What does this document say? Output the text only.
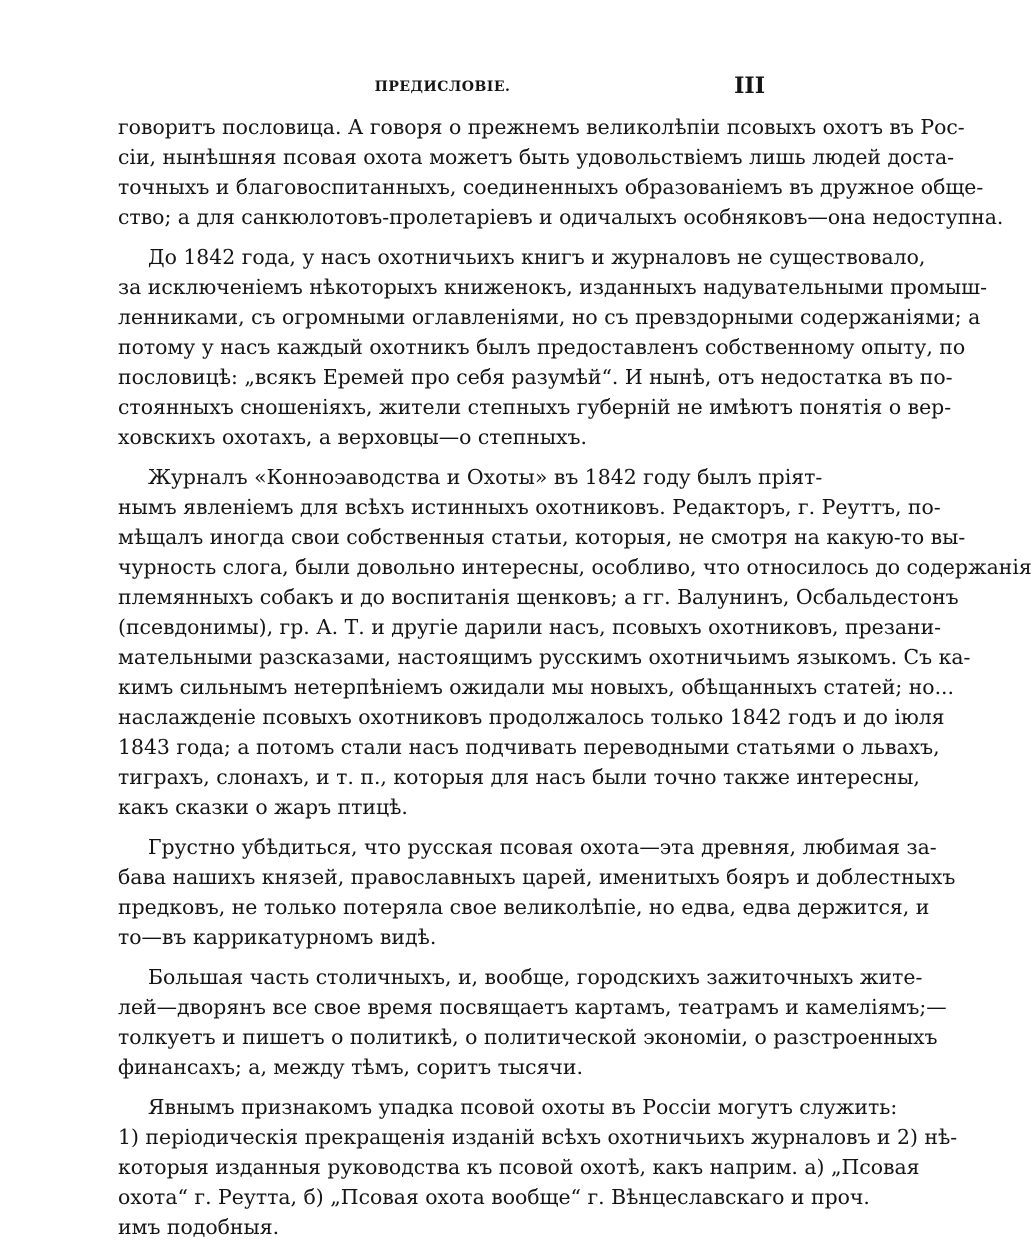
ПРЕДИСЛОВІЕ.	III

говоритъ пословица. А говоря о прежнемъ великолѣпіи псовыхъ охотъ въ Рос-
сіи, нынѣшняя псовая охота можетъ быть удовольствіемъ лишь людей доста-
точныхъ и благовоспитанныхъ, соединенныхъ образованіемъ въ дружное обще-
ство; а для санкюлотовъ-пролетаріевъ и одичалыхъ особняковъ—она недоступна.

До 1842 года, у насъ охотничьихъ книгъ и журналовъ не существовало,
за исключеніемъ нѣкоторыхъ книженокъ, изданныхъ надувательными промыш-
ленниками, съ огромными оглавленіями, но съ превздорными содержаніями; а
потому у насъ каждый охотникъ былъ предоставленъ собственному опыту, по
пословицѣ: „всякъ Еремей про себя разумѣй“. И нынѣ, отъ недостатка въ по-
стоянныхъ сношеніяхъ, жители степныхъ губерній не имѣютъ понятія о вер-
ховскихъ охотахъ, а верховцы—о степныхъ.

Журналъ «Конноэаводства и Охоты» въ 1842 году былъ пріят-
нымъ явленіемъ для всѣхъ истинныхъ охотниковъ. Редакторъ, г. Реуттъ, по-
мѣщалъ иногда свои собственныя статьи, которыя, не смотря на какую-то вы-
чурность слога, были довольно интересны, особливо, что относилось до содержанія
племянныхъ собакъ и до воспитанія щенковъ; а гг. Валунинъ, Осбальдестонъ
(псевдонимы), гр. А. Т. и другіе дарили насъ, псовыхъ охотниковъ, презани-
мательными разсказами, настоящимъ русскимъ охотничьимъ языкомъ. Съ ка-
кимъ сильнымъ нетерпѣніемъ ожидали мы новыхъ, обѣщанныхъ статей; но...
наслажденіе псовыхъ охотниковъ продолжалось только 1842 годъ и до іюля
1843 года; а потомъ стали насъ подчивать переводными статьями о львахъ,
тиграхъ, слонахъ, и т. п., которыя для насъ были точно также интересны,
какъ сказки о жаръ птицѣ.

Грустно убѣдиться, что русская псовая охота—эта древняя, любимая за-
бава нашихъ князей, православныхъ царей, именитыхъ бояръ и доблестныхъ
предковъ, не только потеряла свое великолѣпіе, но едва, едва держится, и
то—въ каррикатурномъ видѣ.

Большая часть столичныхъ, и, вообще, городскихъ зажиточныхъ жите-
лей—дворянъ все свое время посвящаетъ картамъ, театрамъ и камеліямъ;—
толкуетъ и пишетъ о политикѣ, о политической экономіи, о разстроенныхъ
финансахъ; а, между тѣмъ, соритъ тысячи.

Явнымъ признакомъ упадка псовой охоты въ Россіи могутъ служить:
1) періодическія прекращенія изданій всѣхъ охотничьихъ журналовъ и 2) нѣ-
которыя изданныя руководства къ псовой охотѣ, какъ наприм. а) „Псовая
охота“ г. Реутта, б) „Псовая охота вообще“ г. Вѣнцеславскаго и проч.
имъ подобныя.
